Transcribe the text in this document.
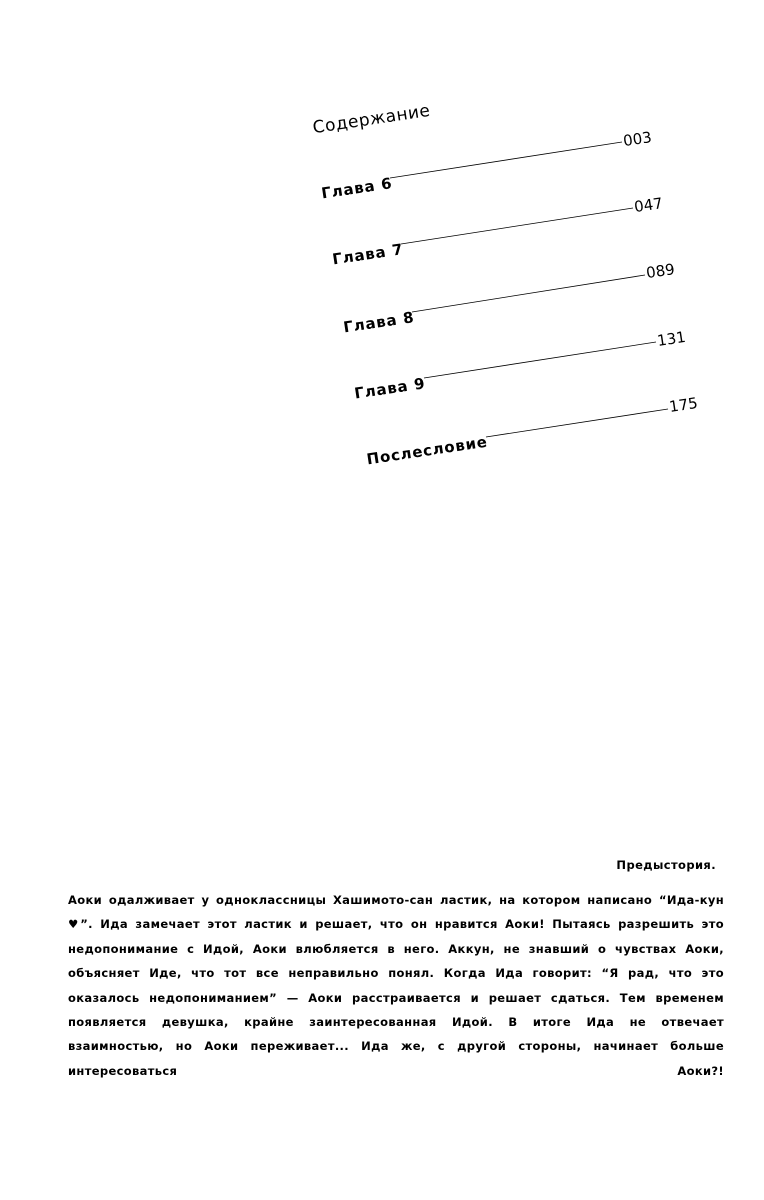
Содержание
Глава 6
003
Глава 7
047
Глава 8
089
Глава 9
131
Послесловие
175

Предыстория.

Аоки одалживает у одноклассницы Хашимото-сан ластик, на котором написано “Ида-кун ♥”. Ида замечает этот ластик и решает, что он нравится Аоки! Пытаясь разрешить это недопонимание с Идой, Аоки влюбляется в него. Аккун, не знавший о чувствах Аоки, объясняет Иде, что тот все неправильно понял. Когда Ида говорит: “Я рад, что это оказалось недопониманием” — Аоки расстраивается и решает сдаться. Тем временем появляется девушка, крайне заинтересованная Идой. В итоге Ида не отвечает взаимностью, но Аоки переживает... Ида же, с другой стороны, начинает больше интересоваться Аоки?!
